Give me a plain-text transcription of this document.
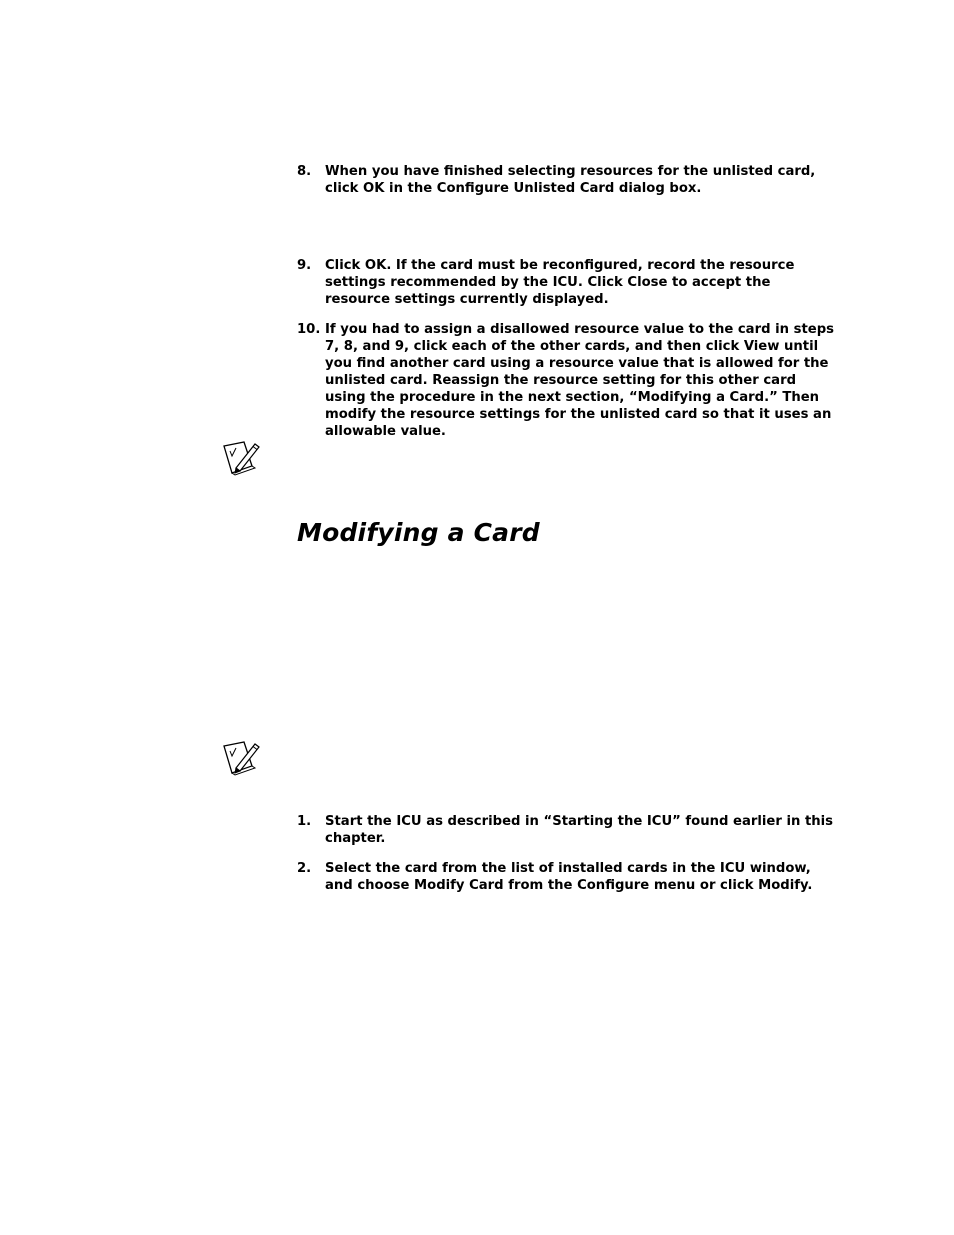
8. When you have finished selecting resources for the unlisted card, click OK in the Configure Unlisted Card dialog box.
9. Click OK. If the card must be reconfigured, record the resource settings recommended by the ICU. Click Close to accept the resource settings currently displayed.
10. If you had to assign a disallowed resource value to the card in steps 7, 8, and 9, click each of the other cards, and then click View until you find another card using a resource value that is allowed for the unlisted card. Reassign the resource setting for this other card using the procedure in the next section, “Modifying a Card.” Then modify the resource settings for the unlisted card so that it uses an allowable value.
Modifying a Card
1. Start the ICU as described in “Starting the ICU” found earlier in this chapter.
2. Select the card from the list of installed cards in the ICU window, and choose Modify Card from the Configure menu or click Modify.
